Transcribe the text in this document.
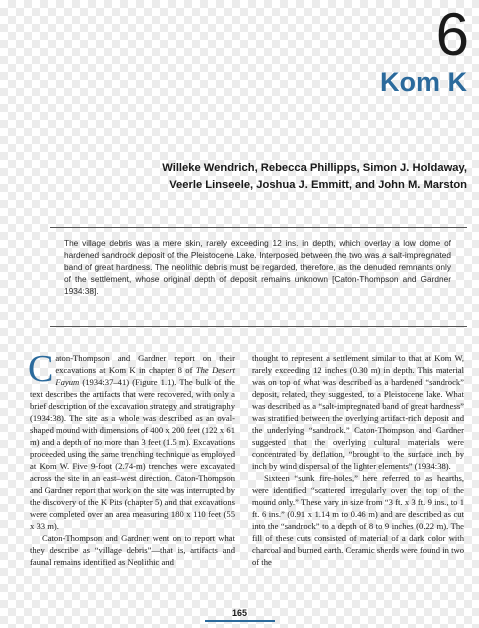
6
Kom K
Willeke Wendrich, Rebecca Phillipps, Simon J. Holdaway,
Veerle Linseele, Joshua J. Emmitt, and John M. Marston
The village debris was a mere skin, rarely exceeding 12 ins. in depth, which overlay a low dome of hardened sandrock deposit of the Pleistocene Lake. Interposed between the two was a salt-impregnated band of great hardness. The neolithic debris must be regarded, therefore, as the denuded remnants only of the settlement, whose original depth of deposit remains unknown [Caton-Thompson and Gardner 1934:38].

Caton-Thompson and Gardner report on their excavations at Kom K in chapter 8 of The Desert Fayum (1934:37–41) (Figure 1.1). The bulk of the text describes the artifacts that were recovered, with only a brief description of the excavation strategy and stratigraphy (1934:38). The site as a whole was described as an oval-shaped mound with dimensions of 400 x 200 feet (122 x 61 m) and a depth of no more than 3 feet (1.5 m). Excavations proceeded using the same trenching technique as employed at Kom W. Five 9-foot (2.74-m) trenches were excavated across the site in an east–west direction. Caton-Thompson and Gardner report that work on the site was interrupted by the discovery of the K Pits (chapter 5) and that excavations were completed over an area measuring 180 x 110 feet (55 x 33 m).

Caton-Thompson and Gardner went on to report what they describe as “village debris”—that is, artifacts and faunal remains identified as Neolithic and

thought to represent a settlement similar to that at Kom W, rarely exceeding 12 inches (0.30 m) in depth. This material was on top of what was described as a hardened “sandrock” deposit, related, they suggested, to a Pleistocene lake. What was described as a “salt-impregnated band of great hardness” was stratified between the overlying artifact-rich deposit and the underlying “sandrock.” Caton-Thompson and Gardner suggested that the overlying cultural materials were concentrated by deflation, “brought to the surface inch by inch by wind dispersal of the lighter elements” (1934:38).

Sixteen “sunk fire-holes,” here referred to as hearths, were identified “scattered irregularly over the top of the mound only.” These vary in size from “3 ft. x 3 ft. 9 ins., to 1 ft. 6 ins.” (0.91 x 1.14 m to 0.46 m) and are described as cut into the “sandrock” to a depth of 8 to 9 inches (0.22 m). The fill of these cuts consisted of material of a dark color with charcoal and burned earth. Ceramic sherds were found in two of the

165
